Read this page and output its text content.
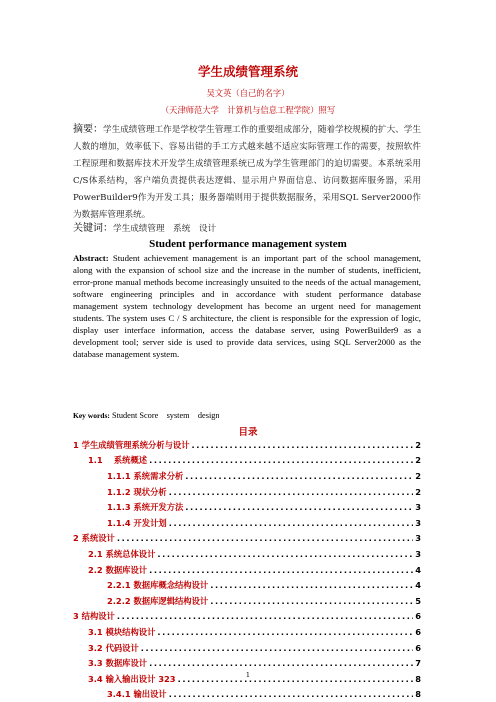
学生成绩管理系统
吴文英（自己的名字）
（天津师范大学　计算机与信息工程学院）照写
摘要：学生成绩管理工作是学校学生管理工作的重要组成部分，随着学校规模的扩大、学生人数的增加，效率低下、容易出错的手工方式越来越不适应实际管理工作的需要，按照软件工程原理和数据库技术开发学生成绩管理系统已成为学生管理部门的迫切需要。本系统采用C/S体系结构，客户端负责提供表达逻辑、显示用户界面信息、访问数据库服务器，采用PowerBuilder9作为开发工具；服务器端则用于提供数据服务，采用SQL Server2000作为数据库管理系统。
关键词：学生成绩管理　系统　设计
Student performance management system
Abstract: Student achievement management is an important part of the school management, along with the expansion of school size and the increase in the number of students, inefficient, error-prone manual methods become increasingly unsuited to the needs of the actual management, software engineering principles and in accordance with student performance database management system technology development has become an urgent need for management students. The system uses C / S architecture, the client is responsible for the expression of logic, display user interface information, access the database server, using PowerBuilder9 as a development tool; server side is used to provide data services, using SQL Server2000 as the database management system.
Key words: Student Score　system　design
目录
1 学生成绩管理系统分析与设计 .....	2
1.1　 系统概述 .....	2
1.1.1 系统需求分析 .....	2
1.1.2 现状分析 .....	2
1.1.3 系统开发方法 .....	3
1.1.4 开发计划 .....	3
2 系统设计 .....	3
2.1 系统总体设计 .....	3
2.2 数据库设计 .....	4
2.2.1 数据库概念结构设计 .....	4
2.2.2 数据库逻辑结构设计 .....	5
3 结构设计 .....	6
3.1 模块结构设计 .....	6
3.2 代码设计 .....	6
3.3 数据库设计 .....	7
3.4 输入输出设计 323 .....	8
3.4.1 输出设计 .....	8
1
